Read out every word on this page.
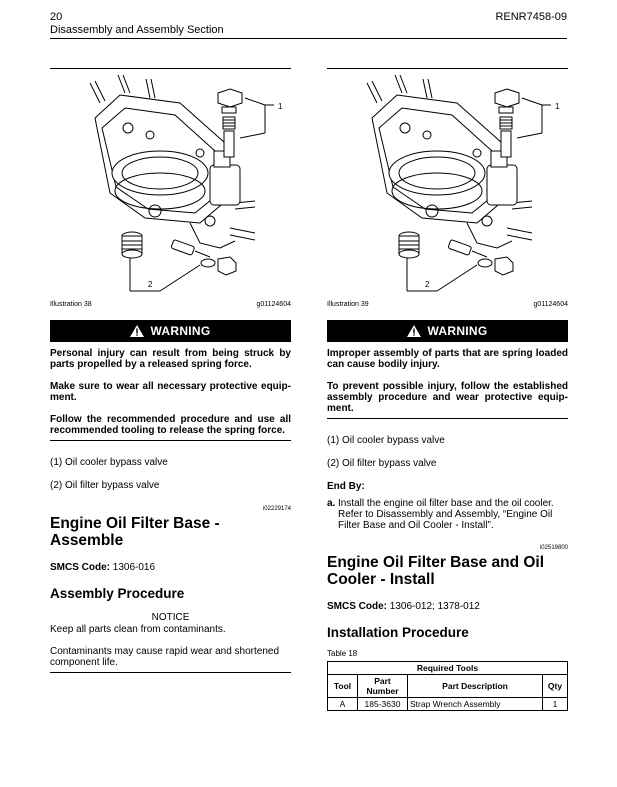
20	RENR7458-09
Disassembly and Assembly Section
1
2
Illustration 38	g01124604
WARNING

Personal injury can result from being struck by parts propelled by a released spring force.

Make sure to wear all necessary protective equip-ment.

Follow the recommended procedure and use all recommended tooling to release the spring force.

(1) Oil cooler bypass valve

(2) Oil filter bypass valve

i02229174

Engine Oil Filter Base - Assemble

SMCS Code: 1306-016

Assembly Procedure

NOTICE

Keep all parts clean from contaminants.

Contaminants may cause rapid wear and shortened component life.

1
2
Illustration 39	g01124604
WARNING

Improper assembly of parts that are spring loaded can cause bodily injury.

To prevent possible injury, follow the established assembly procedure and wear protective equip-ment.

(1) Oil cooler bypass valve

(2) Oil filter bypass valve

End By:

a. Install the engine oil filter base and the oil cooler. Refer to Disassembly and Assembly, “Engine Oil Filter Base and Oil Cooler - Install”.

i02519800

Engine Oil Filter Base and Oil Cooler - Install

SMCS Code: 1306-012; 1378-012

Installation Procedure

Table 18

Required Tools			
Tool	Part Number	Part Description	Qty
A	185-3630	Strap Wrench Assembly	1
